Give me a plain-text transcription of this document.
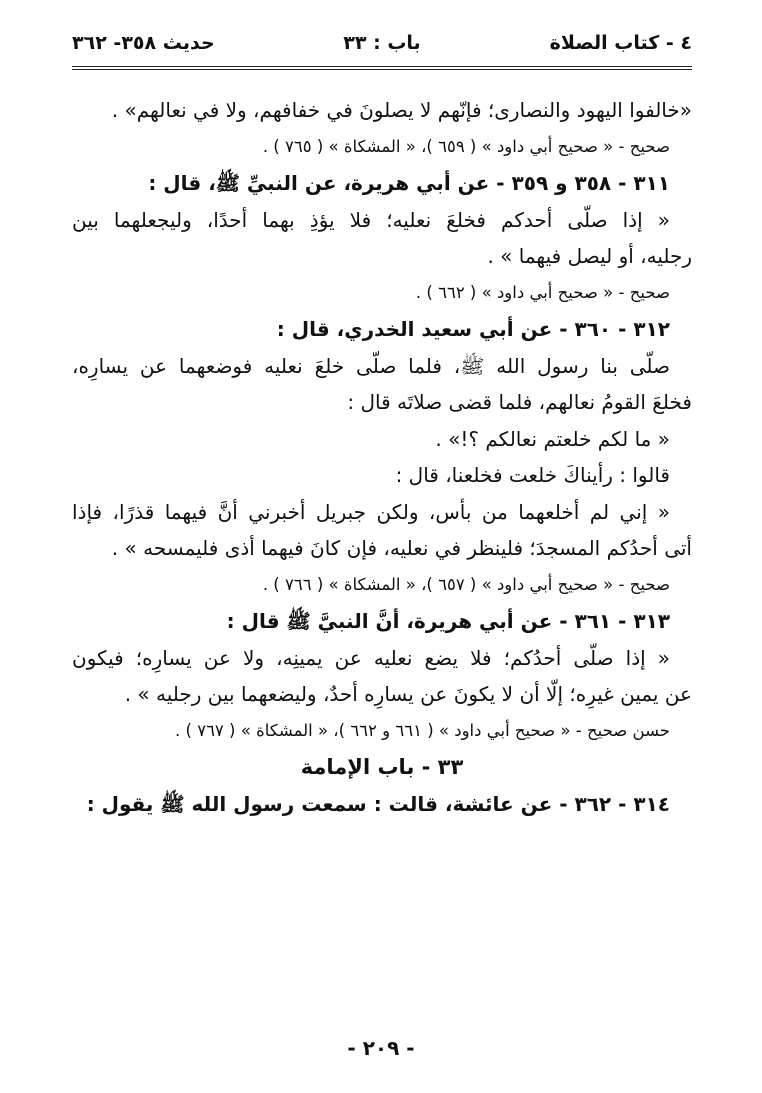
٤ - كتاب الصلاة
باب : ٣٣
حديث ٣٥٨- ٣٦٢
«خالفوا اليهود والنصارى؛ فإنّهم لا يصلونَ في خفافهم، ولا في نعالهم» .
صحيح - « صحيح أبي داود » ( ٦٥٩ )، « المشكاة » ( ٧٦٥ ) .
٣١١ - ٣٥٨ و ٣٥٩ - عن أبي هريرة، عن النبيِّ ﷺ، قال :
« إذا صلّى أحدكم فخلعَ نعليه؛ فلا يؤذِ بهما أحدًا، وليجعلهما بين
رجليه، أو ليصل فيهما » .
صحيح - « صحيح أبي داود » ( ٦٦٢ ) .
٣١٢ - ٣٦٠ - عن أبي سعيد الخدري، قال :
صلّى بنا رسول الله ﷺ، فلما صلّى خلعَ نعليه فوضعهما عن يسارِه،
فخلعَ القومُ نعالهم، فلما قضى صلاتَه قال :
« ما لكم خلعتم نعالكم ؟!» .
قالوا : رأيناكَ خلعت فخلعنا، قال :
« إني لم أخلعهما من بأس، ولكن جبريل أخبرني أنَّ فيهما قذرًا، فإذا
أتى أحدُكم المسجدَ؛ فلينظر في نعليه، فإن كانَ فيهما أذى فليمسحه » .
صحيح - « صحيح أبي داود » ( ٦٥٧ )، « المشكاة » ( ٧٦٦ ) .
٣١٣ - ٣٦١ - عن أبي هريرة، أنَّ النبيَّ ﷺ قال :
« إذا صلّى أحدُكم؛ فلا يضع نعليه عن يمينِه، ولا عن يسارِه؛ فيكون
عن يمين غيرِه؛ إلّا أن لا يكونَ عن يسارِه أحدٌ، وليضعهما بين رجليه » .
حسن صحيح - « صحيح أبي داود » ( ٦٦١ و ٦٦٢ )، « المشكاة » ( ٧٦٧ ) .
٣٣ - باب الإمامة
٣١٤ - ٣٦٢ - عن عائشة، قالت : سمعت رسول الله ﷺ يقول :
- ٢٠٩ -
